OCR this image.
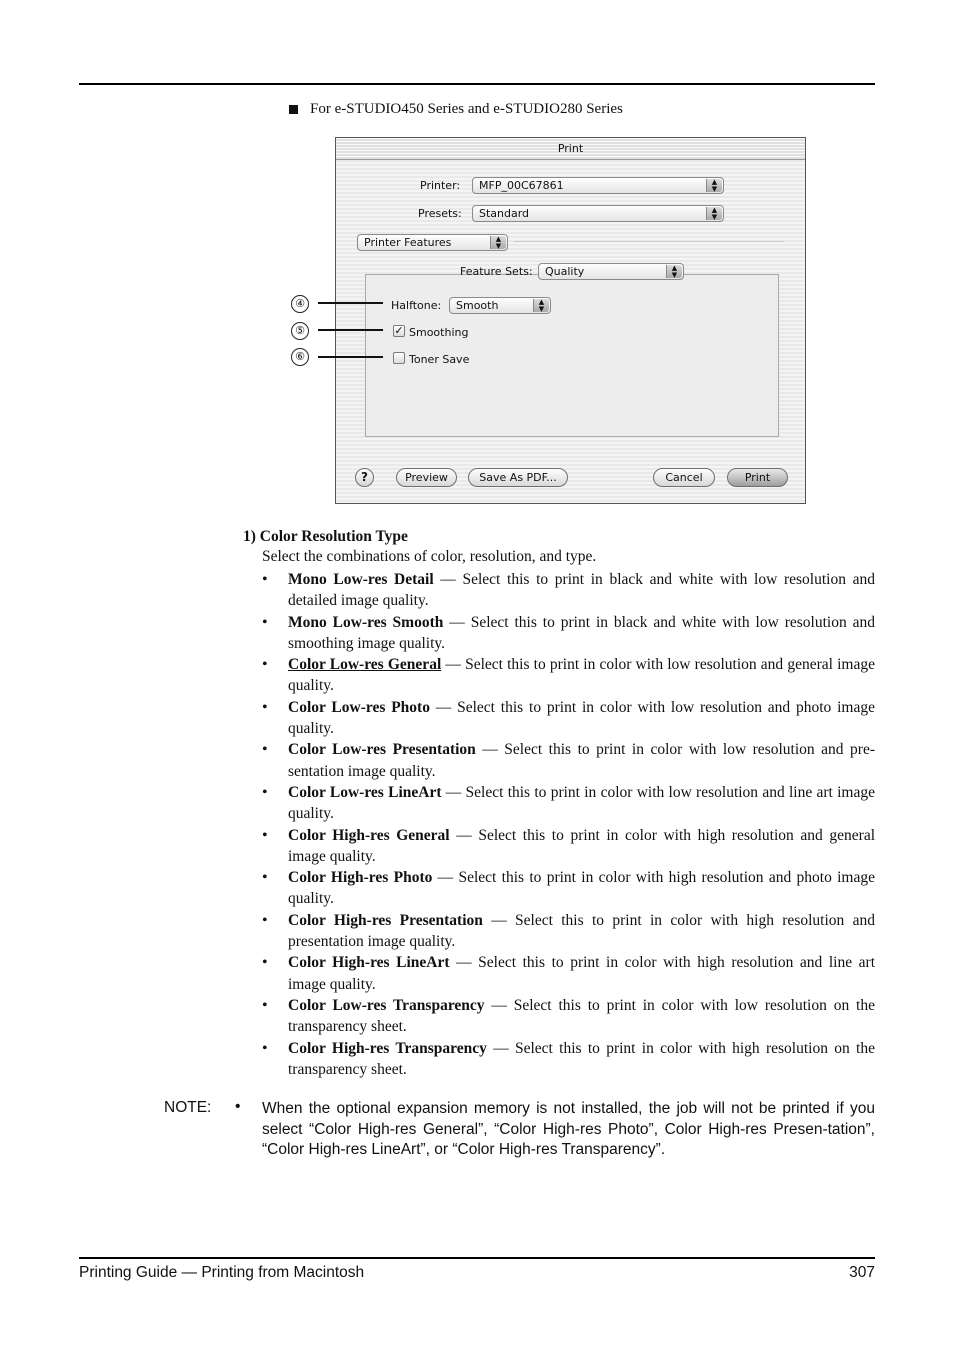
For e-STUDIO450 Series and e-STUDIO280 Series
Print
Printer:	MFP_00C67861	▲
▼
Presets:	Standard	▲
▼
Printer Features	▲
▼
Feature Sets:	Quality	▲
▼
Halftone:	Smooth	▲
▼
✓ Smoothing
Toner Save
?	Preview	Save As PDF...	Cancel	Print
④
⑤
⑥
1) Color Resolution Type
Select the combinations of color, resolution, and type.
• Mono Low-res Detail — Select this to print in black and white with low resolution and detailed image quality.
• Mono Low-res Smooth — Select this to print in black and white with low resolution and smoothing image quality.
• Color Low-res General — Select this to print in color with low resolution and general image quality.
• Color Low-res Photo — Select this to print in color with low resolution and photo image quality.
• Color Low-res Presentation — Select this to print in color with low resolution and pre-sentation image quality.
• Color Low-res LineArt — Select this to print in color with low resolution and line art image quality.
• Color High-res General — Select this to print in color with high resolution and general image quality.
• Color High-res Photo — Select this to print in color with high resolution and photo image quality.
• Color High-res Presentation — Select this to print in color with high resolution and presentation image quality.
• Color High-res LineArt — Select this to print in color with high resolution and line art image quality.
• Color Low-res Transparency — Select this to print in color with low resolution on the transparency sheet.
• Color High-res Transparency — Select this to print in color with high resolution on the transparency sheet.
NOTE: • When the optional expansion memory is not installed, the job will not be printed if you select “Color High-res General”, “Color High-res Photo”, Color High-res Presen-tation”, “Color High-res LineArt”, or “Color High-res Transparency”.
Printing Guide — Printing from Macintosh	307
